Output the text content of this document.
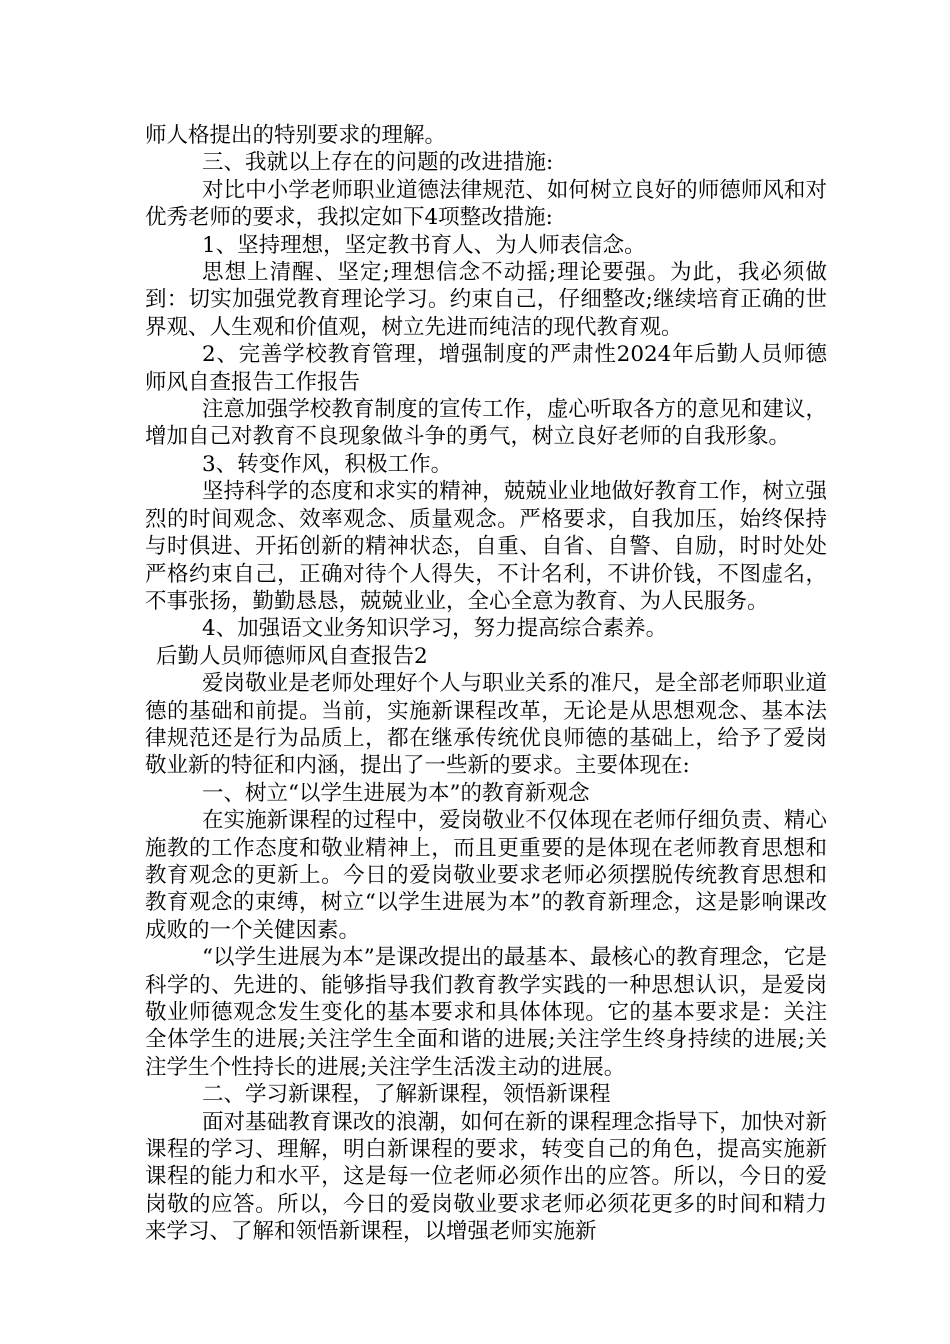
师人格提出的特别要求的理解。

三、我就以上存在的问题的改进措施:

对比中小学老师职业道德法律规范、如何树立良好的师德师风和对优秀老师的要求，我拟定如下4项整改措施:

1、坚持理想，坚定教书育人、为人师表信念。

思想上清醒、坚定;理想信念不动摇;理论要强。为此，我必须做到：切实加强党教育理论学习。约束自己，仔细整改;继续培育正确的世界观、人生观和价值观，树立先进而纯洁的现代教育观。

2、完善学校教育管理，增强制度的严肃性2024年后勤人员师德师风自查报告工作报告

注意加强学校教育制度的宣传工作，虚心听取各方的意见和建议，增加自己对教育不良现象做斗争的勇气，树立良好老师的自我形象。

3、转变作风，积极工作。

坚持科学的态度和求实的精神，兢兢业业地做好教育工作，树立强烈的时间观念、效率观念、质量观念。严格要求，自我加压，始终保持与时俱进、开拓创新的精神状态，自重、自省、自警、自励，时时处处严格约束自己，正确对待个人得失，不计名利，不讲价钱，不图虚名，不事张扬，勤勤恳恳，兢兢业业，全心全意为教育、为人民服务。

4、加强语文业务知识学习，努力提高综合素养。

后勤人员师德师风自查报告2

爱岗敬业是老师处理好个人与职业关系的准尺，是全部老师职业道德的基础和前提。当前，实施新课程改革，无论是从思想观念、基本法律规范还是行为品质上，都在继承传统优良师德的基础上，给予了爱岗敬业新的特征和内涵，提出了一些新的要求。主要体现在:

一、树立“以学生进展为本”的教育新观念

在实施新课程的过程中，爱岗敬业不仅体现在老师仔细负责、精心施教的工作态度和敬业精神上，而且更重要的是体现在老师教育思想和教育观念的更新上。今日的爱岗敬业要求老师必须摆脱传统教育思想和教育观念的束缚，树立“以学生进展为本”的教育新理念，这是影响课改成败的一个关健因素。

“以学生进展为本”是课改提出的最基本、最核心的教育理念，它是科学的、先进的、能够指导我们教育教学实践的一种思想认识，是爱岗敬业师德观念发生变化的基本要求和具体体现。它的基本要求是：关注全体学生的进展;关注学生全面和谐的进展;关注学生终身持续的进展;关注学生个性持长的进展;关注学生活泼主动的进展。

二、学习新课程，了解新课程，领悟新课程

面对基础教育课改的浪潮，如何在新的课程理念指导下，加快对新课程的学习、理解，明白新课程的要求，转变自己的角色，提高实施新课程的能力和水平，这是每一位老师必须作出的应答。所以，今日的爱岗敬的应答。所以，今日的爱岗敬业要求老师必须花更多的时间和精力来学习、了解和领悟新课程，以增强老师实施新
